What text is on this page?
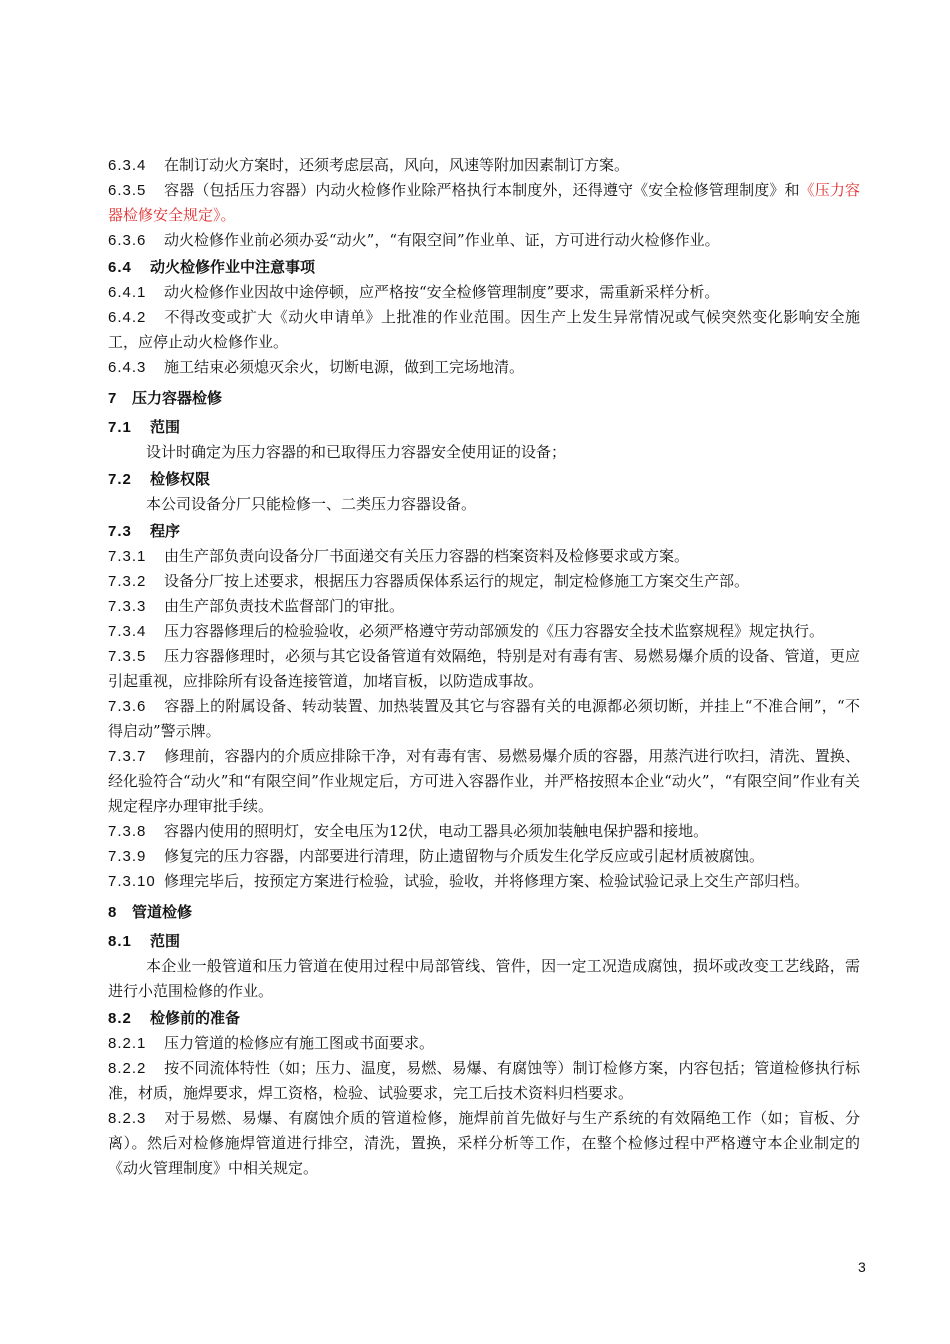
6.3.4 在制订动火方案时，还须考虑层高，风向，风速等附加因素制订方案。

6.3.5 容器（包括压力容器）内动火检修作业除严格执行本制度外，还得遵守《安全检修管理制度》和《压力容器检修安全规定》。

6.3.6 动火检修作业前必须办妥“动火”，“有限空间”作业单、证，方可进行动火检修作业。

6.4 动火检修作业中注意事项

6.4.1 动火检修作业因故中途停顿，应严格按“安全检修管理制度”要求，需重新采样分析。

6.4.2 不得改变或扩大《动火申请单》上批准的作业范围。因生产上发生异常情况或气候突然变化影响安全施工，应停止动火检修作业。

6.4.3 施工结束必须熄灭余火，切断电源，做到工完场地清。

7 压力容器检修

7.1 范围

设计时确定为压力容器的和已取得压力容器安全使用证的设备；

7.2 检修权限

本公司设备分厂只能检修一、二类压力容器设备。

7.3 程序

7.3.1 由生产部负责向设备分厂书面递交有关压力容器的档案资料及检修要求或方案。

7.3.2 设备分厂按上述要求，根据压力容器质保体系运行的规定，制定检修施工方案交生产部。

7.3.3 由生产部负责技术监督部门的审批。

7.3.4 压力容器修理后的检验验收，必须严格遵守劳动部颁发的《压力容器安全技术监察规程》规定执行。

7.3.5 压力容器修理时，必须与其它设备管道有效隔绝，特别是对有毒有害、易燃易爆介质的设备、管道，更应引起重视，应排除所有设备连接管道，加堵盲板，以防造成事故。

7.3.6 容器上的附属设备、转动装置、加热装置及其它与容器有关的电源都必须切断，并挂上“不准合闸”，“不得启动”警示牌。

7.3.7 修理前，容器内的介质应排除干净，对有毒有害、易燃易爆介质的容器，用蒸汽进行吹扫，清洗、置换、经化验符合“动火”和“有限空间”作业规定后，方可进入容器作业，并严格按照本企业“动火”，“有限空间”作业有关规定程序办理审批手续。

7.3.8 容器内使用的照明灯，安全电压为12伏，电动工器具必须加装触电保护器和接地。

7.3.9 修复完的压力容器，内部要进行清理，防止遗留物与介质发生化学反应或引起材质被腐蚀。

7.3.10 修理完毕后，按预定方案进行检验，试验，验收，并将修理方案、检验试验记录上交生产部归档。

8 管道检修

8.1 范围

本企业一般管道和压力管道在使用过程中局部管线、管件，因一定工况造成腐蚀，损坏或改变工艺线路，需进行小范围检修的作业。

8.2 检修前的准备

8.2.1 压力管道的检修应有施工图或书面要求。

8.2.2 按不同流体特性（如；压力、温度，易燃、易爆、有腐蚀等）制订检修方案，内容包括；管道检修执行标准，材质，施焊要求，焊工资格，检验、试验要求，完工后技术资料归档要求。

8.2.3 对于易燃、易爆、有腐蚀介质的管道检修，施焊前首先做好与生产系统的有效隔绝工作（如；盲板、分离）。然后对检修施焊管道进行排空，清洗，置换，采样分析等工作，在整个检修过程中严格遵守本企业制定的《动火管理制度》中相关规定。

3
